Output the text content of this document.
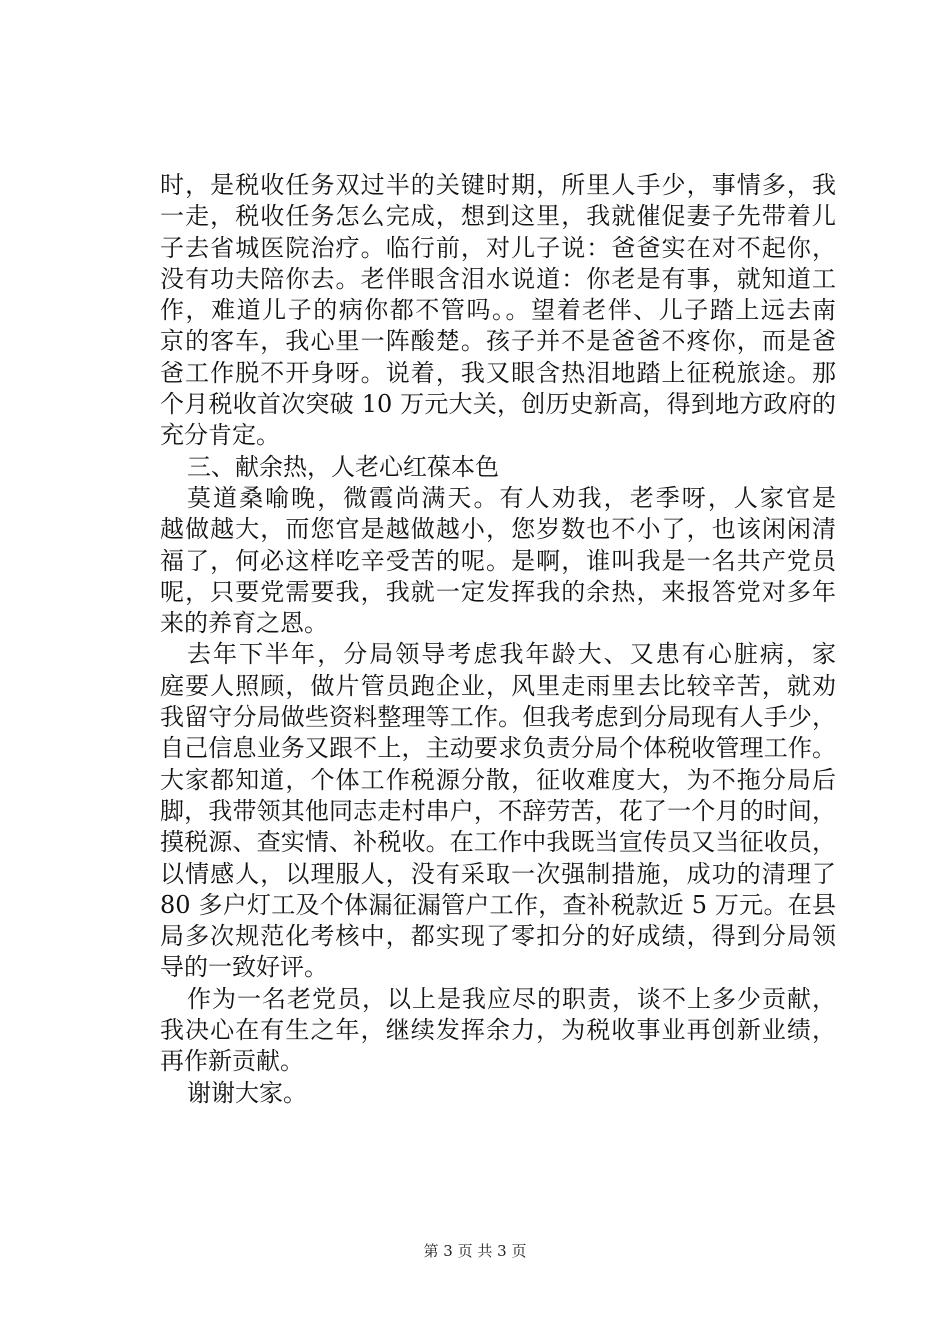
时，是税收任务双过半的关键时期，所里人手少，事情多，我
一走，税收任务怎么完成，想到这里，我就催促妻子先带着儿
子去省城医院治疗。临行前，对儿子说：爸爸实在对不起你，
没有功夫陪你去。老伴眼含泪水说道：你老是有事，就知道工
作，难道儿子的病你都不管吗。。望着老伴、儿子踏上远去南
京的客车，我心里一阵酸楚。孩子并不是爸爸不疼你，而是爸
爸工作脱不开身呀。说着，我又眼含热泪地踏上征税旅途。那
个月税收首次突破 10 万元大关，创历史新高，得到地方政府的
充分肯定。
三、献余热，人老心红葆本色
莫道桑喻晚，微霞尚满天。有人劝我，老季呀，人家官是
越做越大，而您官是越做越小，您岁数也不小了，也该闲闲清
福了，何必这样吃辛受苦的呢。是啊，谁叫我是一名共产党员
呢，只要党需要我，我就一定发挥我的余热，来报答党对多年
来的养育之恩。
去年下半年，分局领导考虑我年龄大、又患有心脏病，家
庭要人照顾，做片管员跑企业，风里走雨里去比较辛苦，就劝
我留守分局做些资料整理等工作。但我考虑到分局现有人手少，
自己信息业务又跟不上，主动要求负责分局个体税收管理工作。
大家都知道，个体工作税源分散，征收难度大，为不拖分局后
脚，我带领其他同志走村串户，不辞劳苦，花了一个月的时间，
摸税源、查实情、补税收。在工作中我既当宣传员又当征收员，
以情感人，以理服人，没有采取一次强制措施，成功的清理了
80 多户灯工及个体漏征漏管户工作，查补税款近 5 万元。在县
局多次规范化考核中，都实现了零扣分的好成绩，得到分局领
导的一致好评。
作为一名老党员，以上是我应尽的职责，谈不上多少贡献，
我决心在有生之年，继续发挥余力，为税收事业再创新业绩，
再作新贡献。
谢谢大家。
第 3 页 共 3 页
